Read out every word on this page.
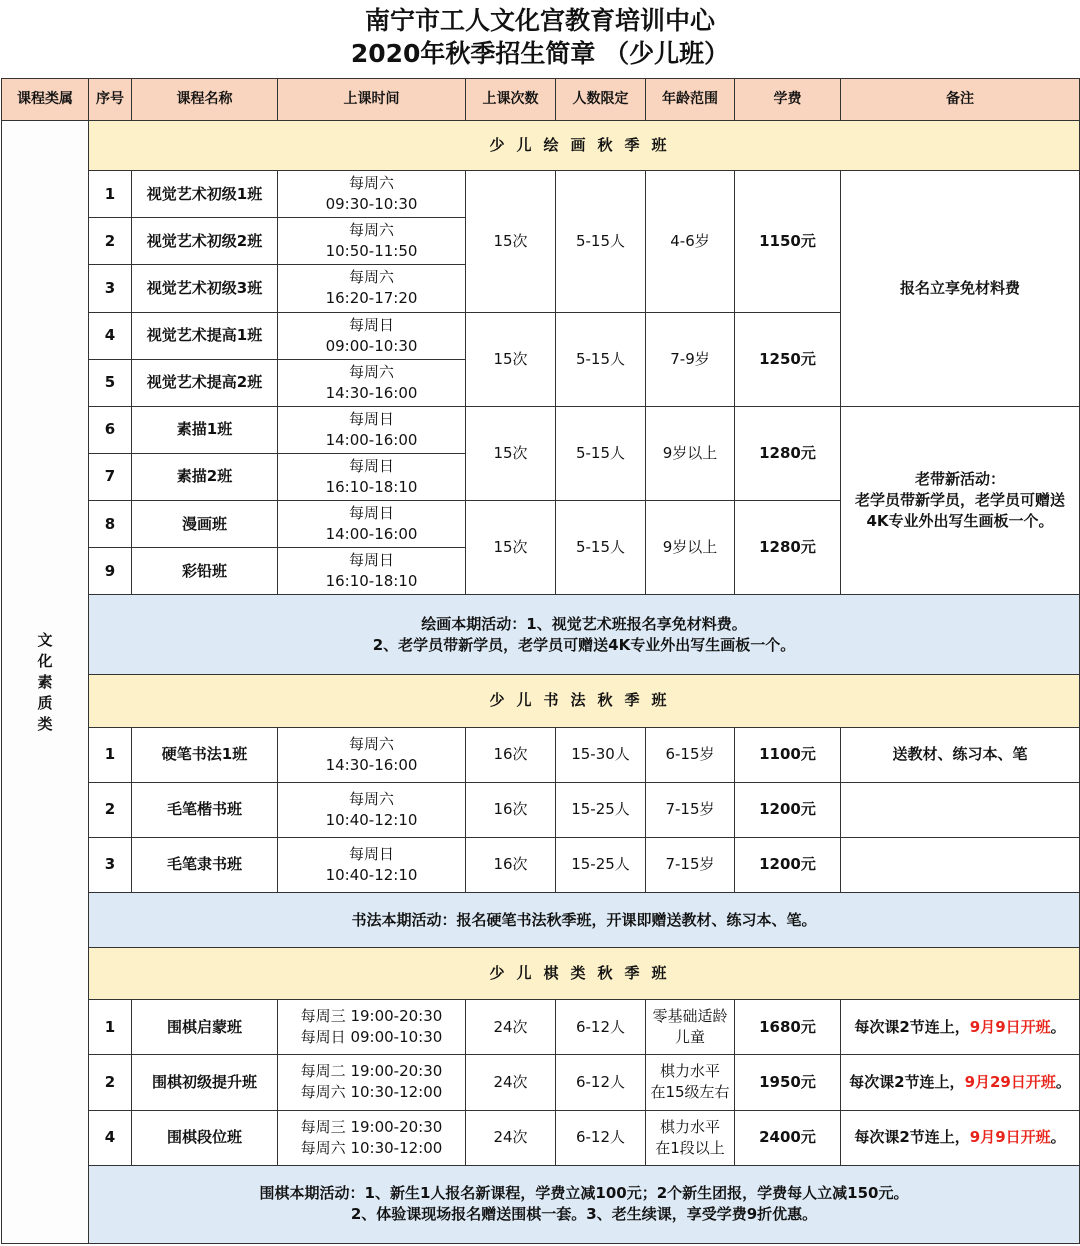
南宁市工人文化宫教育培训中心
2020年秋季招生简章 （少儿班）
课程类属	序号	课程名称	上课时间	上课次数	人数限定	年龄范围	学费	备注

文
化
素
质
类	少儿绘画秋季班							
	1	视觉艺术初级1班	每周六
09:30-10:30	15次	5-15人	4-6岁	1150元	报名立享免材料费
	2	视觉艺术初级2班	每周六
10:50-11:50					

	3	视觉艺术初级3班	每周六
16:20-17:20					

	4	视觉艺术提高1班	每周日
09:00-10:30	15次	5-15人	7-9岁	1250元	
	5	视觉艺术提高2班	每周六
14:30-16:00					

	6	素描1班	每周日
14:00-16:00	15次	5-15人	9岁以上	1280元	老带新活动：
老学员带新学员，老学员可赠送
4K专业外出写生画板一个。

	7	素描2班	每周日
16:10-18:10					

	8	漫画班	每周日
14:00-16:00	15次	5-15人	9岁以上	1280元	
	9	彩铅班	每周日
16:10-18:10					

	绘画本期活动：1、视觉艺术班报名享免材料费。
2、老学员带新学员，老学员可赠送4K专业外出写生画板一个。							

	少儿书法秋季班							
	1	硬笔书法1班	每周六
14:30-16:00	16次	15-30人	6-15岁	1100元	送教材、练习本、笔
	2	毛笔楷书班	每周六
10:40-12:10	16次	15-25人	7-15岁	1200元	
	3	毛笔隶书班	每周日
10:40-12:10	16次	15-25人	7-15岁	1200元	
	书法本期活动：报名硬笔书法秋季班，开课即赠送教材、练习本、笔。							
	少儿棋类秋季班							
	1	围棋启蒙班	每周三 19:00-20:30
每周日 09:00-10:30	24次	6-12人	零基础适龄
儿童	1680元	每次课2节连上，9月9日开班。
	2	围棋初级提升班	每周二 19:00-20:30
每周六 10:30-12:00	24次	6-12人	棋力水平
在15级左右	1950元	每次课2节连上，9月29日开班。
	4	围棋段位班	每周三 19:00-20:30
每周六 10:30-12:00	24次	6-12人	棋力水平
在1段以上	2400元	每次课2节连上，9月9日开班。

	围棋本期活动：1、新生1人报名新课程，学费立减100元；2个新生团报，学费每人立减150元。
2、体验课现场报名赠送围棋一套。3、老生续课，享受学费9折优惠。							
